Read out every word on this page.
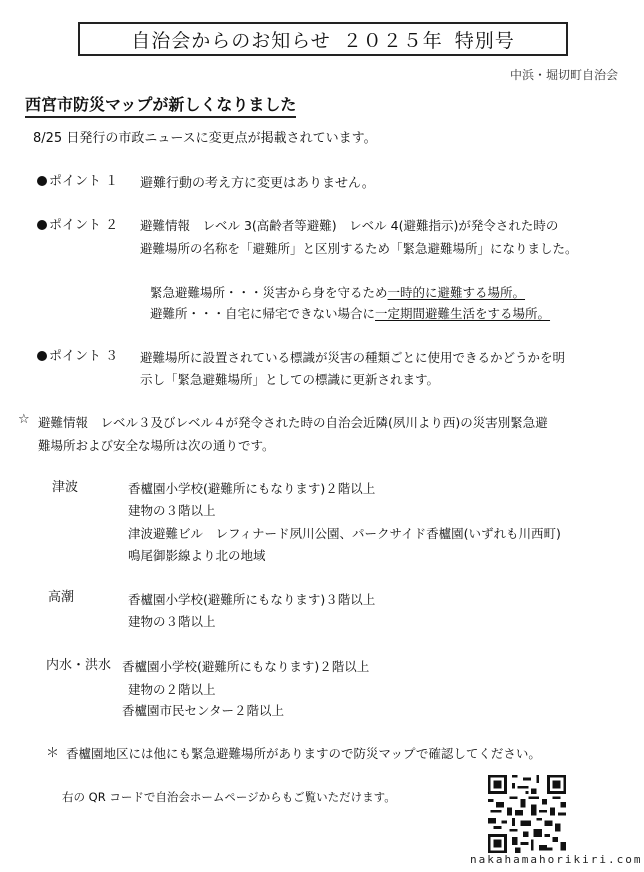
自治会からのお知らせ ２０２５年 特別号
中浜・堀切町自治会
西宮市防災マップが新しくなりました
8/25 日発行の市政ニュースに変更点が掲載されています。
ポイント １ 避難行動の考え方に変更はありません。
ポイント ２ 避難情報　レベル 3(高齢者等避難)　レベル 4(避難指示)が発令された時の
避難場所の名称を「避難所」と区別するため「緊急避難場所」になりました。
緊急避難場所・・・災害から身を守るため一時的に避難する場所。
避難所・・・自宅に帰宅できない場合に一定期間避難生活をする場所。
ポイント ３ 避難場所に設置されている標識が災害の種類ごとに使用できるかどうかを明
示し「緊急避難場所」としての標識に更新されます。
☆ 避難情報　レベル３及びレベル４が発令された時の自治会近隣(夙川より西)の災害別緊急避
難場所および安全な場所は次の通りです。
津波	香櫨園小学校(避難所にもなります)２階以上
建物の３階以上
津波避難ビル　レフィナード夙川公園、パークサイド香櫨園(いずれも川西町)
鳴尾御影線より北の地域
高潮	香櫨園小学校(避難所にもなります)３階以上
建物の３階以上
内水・洪水 香櫨園小学校(避難所にもなります)２階以上
建物の２階以上
香櫨園市民センター２階以上
＊ 香櫨園地区には他にも緊急避難場所がありますので防災マップで確認してください。
右の QR コードで自治会ホームページからもご覧いただけます。
nakahamahorikiri.com
